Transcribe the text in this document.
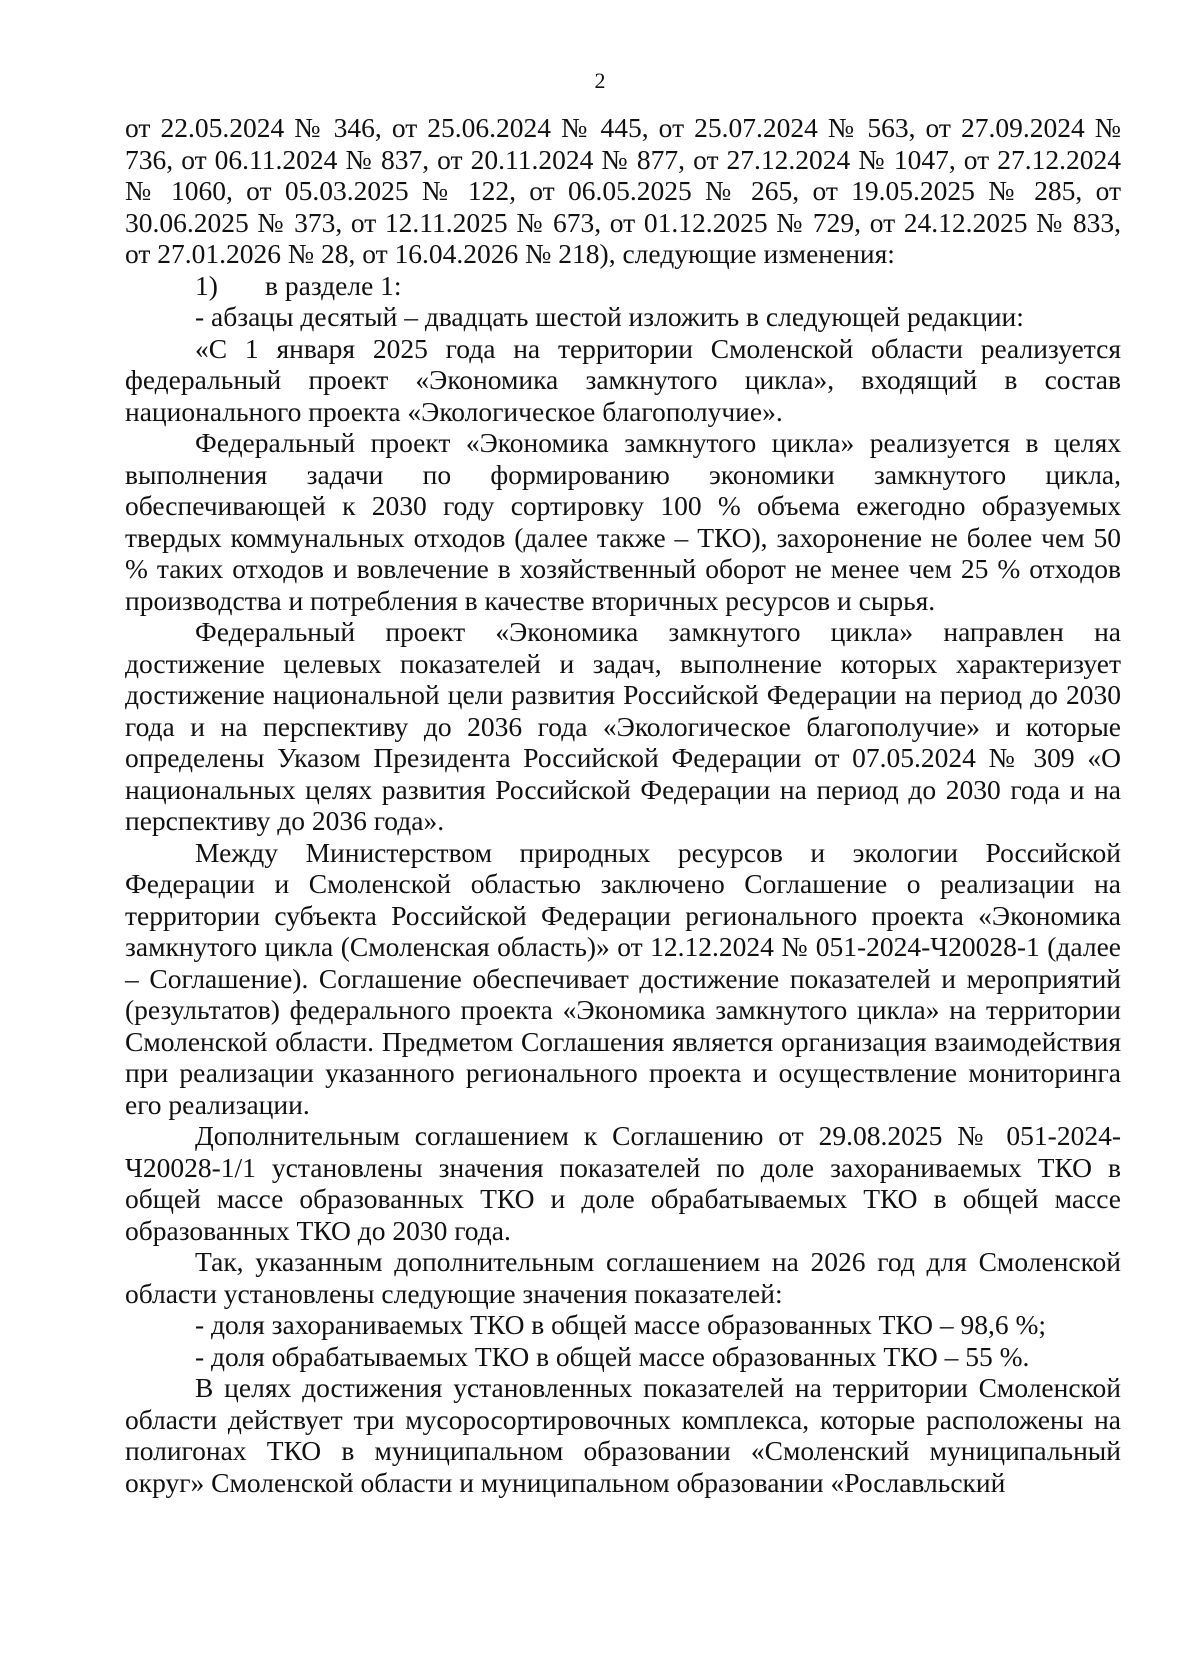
2

от 22.05.2024 № 346, от 25.06.2024 № 445, от 25.07.2024 № 563, от 27.09.2024 № 736, от 06.11.2024 № 837, от 20.11.2024 № 877, от 27.12.2024 № 1047, от 27.12.2024 № 1060, от 05.03.2025 № 122, от 06.05.2025 № 265, от 19.05.2025 № 285, от 30.06.2025 № 373, от 12.11.2025 № 673, от 01.12.2025 № 729, от 24.12.2025 № 833, от 27.01.2026 № 28, от 16.04.2026 № 218), следующие изменения:

1) в разделе 1:

- абзацы десятый – двадцать шестой изложить в следующей редакции:

«С 1 января 2025 года на территории Смоленской области реализуется федеральный проект «Экономика замкнутого цикла», входящий в состав национального проекта «Экологическое благополучие».

Федеральный проект «Экономика замкнутого цикла» реализуется в целях выполнения задачи по формированию экономики замкнутого цикла, обеспечивающей к 2030 году сортировку 100 % объема ежегодно образуемых твердых коммунальных отходов (далее также – ТКО), захоронение не более чем 50 % таких отходов и вовлечение в хозяйственный оборот не менее чем 25 % отходов производства и потребления в качестве вторичных ресурсов и сырья.

Федеральный проект «Экономика замкнутого цикла» направлен на достижение целевых показателей и задач, выполнение которых характеризует достижение национальной цели развития Российской Федерации на период до 2030 года и на перспективу до 2036 года «Экологическое благополучие» и которые определены Указом Президента Российской Федерации от 07.05.2024 № 309 «О национальных целях развития Российской Федерации на период до 2030 года и на перспективу до 2036 года».

Между Министерством природных ресурсов и экологии Российской Федерации и Смоленской областью заключено Соглашение о реализации на территории субъекта Российской Федерации регионального проекта «Экономика замкнутого цикла (Смоленская область)» от 12.12.2024 № 051-2024-Ч20028-1 (далее – Соглашение). Соглашение обеспечивает достижение показателей и мероприятий (результатов) федерального проекта «Экономика замкнутого цикла» на территории Смоленской области. Предметом Соглашения является организация взаимодействия при реализации указанного регионального проекта и осуществление мониторинга его реализации.

Дополнительным соглашением к Соглашению от 29.08.2025 № 051-2024-Ч20028-1/1 установлены значения показателей по доле захораниваемых ТКО в общей массе образованных ТКО и доле обрабатываемых ТКО в общей массе образованных ТКО до 2030 года.

Так, указанным дополнительным соглашением на 2026 год для Смоленской области установлены следующие значения показателей:

- доля захораниваемых ТКО в общей массе образованных ТКО – 98,6 %;

- доля обрабатываемых ТКО в общей массе образованных ТКО – 55 %.

В целях достижения установленных показателей на территории Смоленской области действует три мусоросортировочных комплекса, которые расположены на полигонах ТКО в муниципальном образовании «Смоленский муниципальный округ» Смоленской области и муниципальном образовании «Рославльский
